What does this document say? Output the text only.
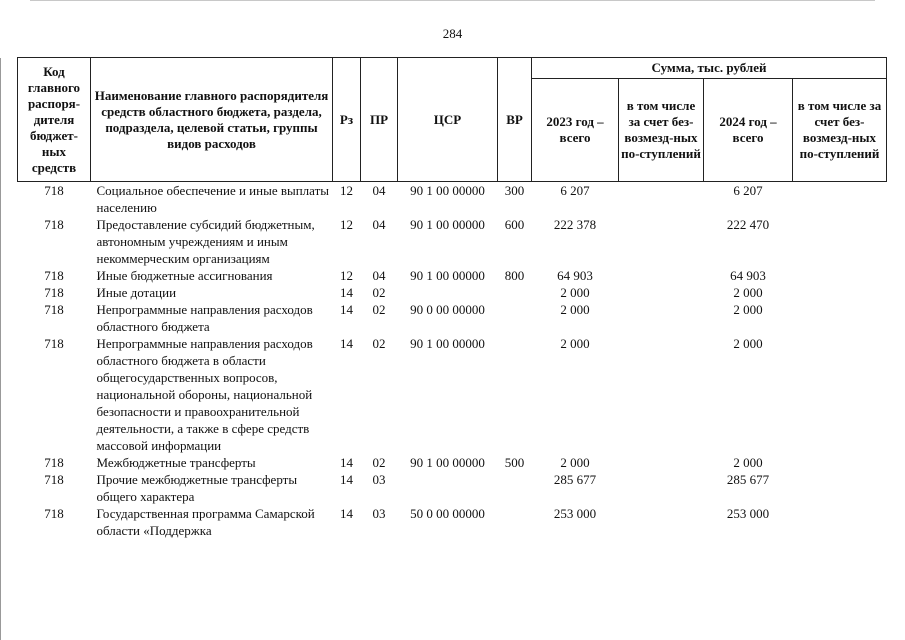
284
Код главного распоря-дителя бюджет-ных средств	Наименование главного распорядителя средств областного бюджета, раздела, подраздела, целевой статьи, группы видов расходов	Рз	ПР	ЦСР	ВР	Сумма, тыс. рублей			
						2023 год – всего	в том числе за счет без-возмезд-ных по-ступлений	2024 год – всего	в том числе за счет без-возмезд-ных по-ступлений
718	Социальное обеспечение и иные выплаты населению	12	04	90 1 00 00000	300	6 207		6 207	
718	Предоставление субсидий бюджетным, автономным учреждениям и иным некоммерческим организациям	12	04	90 1 00 00000	600	222 378		222 470	
718	Иные бюджетные ассигнования	12	04	90 1 00 00000	800	64 903		64 903	
718	Иные дотации	14	02			2 000		2 000	
718	Непрограммные направления расходов областного бюджета	14	02	90 0 00 00000		2 000		2 000	
718	Непрограммные направления расходов областного бюджета в области общегосударственных вопросов, национальной обороны, национальной безопасности и правоохранительной деятельности, а также в сфере средств массовой информации	14	02	90 1 00 00000		2 000		2 000	
718	Межбюджетные трансферты	14	02	90 1 00 00000	500	2 000		2 000	
718	Прочие межбюджетные трансферты общего характера	14	03			285 677		285 677	
718	Государственная программа Самарской области «Поддержка	14	03	50 0 00 00000		253 000		253 000	
